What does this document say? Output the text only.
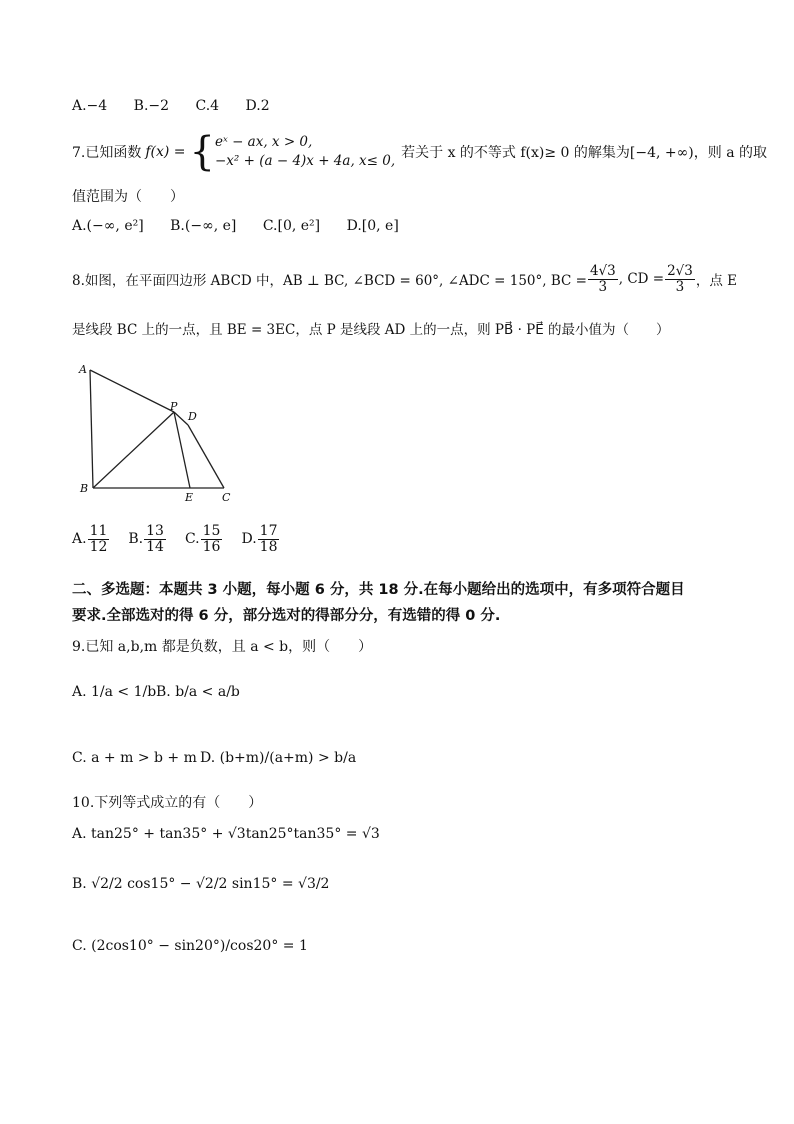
A.−4 B.−2 C.4 D.2
7.已知函数 f(x) = { eˣ − ax, x > 0,
−x² + (a − 4)x + 4a, x≤ 0, 若关于 x 的不等式 f(x)≥ 0 的解集为[−4, +∞)，则 a 的取
值范围为（　　）
A.(−∞, e²] B.(−∞, e] C.[0, e²] D.[0, e]
8.如图，在平面四边形 ABCD 中，AB ⊥ BC, ∠BCD = 60°, ∠ADC = 150°, BC = $\frac{4√3}{3}$ , CD = $\frac{2√3}{3}$ ，点 E
是线段 BC 上的一点，且 BE = 3EC，点 P 是线段 AD 上的一点，则 PB⃗ · PE⃗ 的最小值为（　　）
A
B
C
D
E
P
A. $\frac{11}{12} B$. $\frac{13}{14} C$. $\frac{15}{16} D$. $\frac{17}{18}$
二、多选题：本题共 3 小题，每小题 6 分，共 18 分.在每小题给出的选项中，有多项符合题目
要求.全部选对的得 6 分，部分选对的得部分分，有选错的得 0 分.
9.已知 a,b,m 都是负数，且 a < b，则（　　）
A. 1/a < 1/b B. b/a < a/b
C. a + m > b + m D. (b+m)/(a+m) > b/a
10.下列等式成立的有（　　）
A. tan25° + tan35° + √3tan25°tan35° = √3
B. √2/2 cos15° − √2/2 sin15° = √3/2
C. (2cos10° − sin20°)/cos20° = 1
